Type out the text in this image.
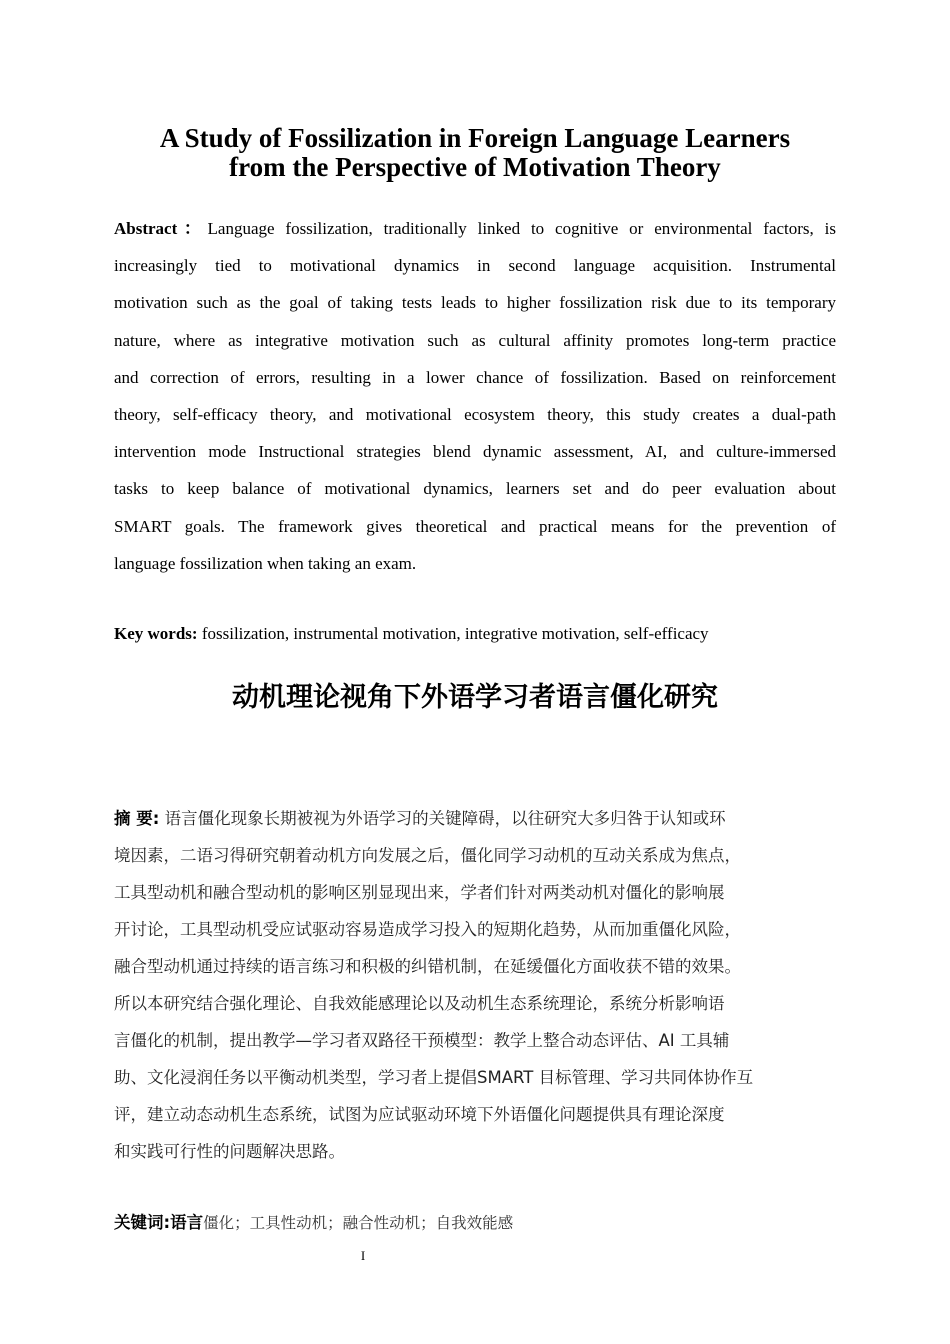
A Study of Fossilization in Foreign Language Learners
from the Perspective of Motivation Theory
Abstract：Language fossilization, traditionally linked to cognitive or environmental factors, is
increasingly tied to motivational dynamics in second language acquisition. Instrumental
motivation such as the goal of taking tests leads to higher fossilization risk due to its temporary
nature, where as integrative motivation such as cultural affinity promotes long-term practice
and correction of errors, resulting in a lower chance of fossilization. Based on reinforcement
theory, self-efficacy theory, and motivational ecosystem theory, this study creates a dual-path
intervention mode Instructional strategies blend dynamic assessment, AI, and culture-immersed
tasks to keep balance of motivational dynamics, learners set and do peer evaluation about
SMART goals. The framework gives theoretical and practical means for the prevention of
language fossilization when taking an exam.
Key words: fossilization, instrumental motivation, integrative motivation, self-efficacy
动机理论视角下外语学习者语言僵化研究
摘 要: 语言僵化现象长期被视为外语学习的关键障碍，以往研究大多归咎于认知或环
境因素，二语习得研究朝着动机方向发展之后，僵化同学习动机的互动关系成为焦点，
工具型动机和融合型动机的影响区别显现出来，学者们针对两类动机对僵化的影响展
开讨论，工具型动机受应试驱动容易造成学习投入的短期化趋势，从而加重僵化风险，
融合型动机通过持续的语言练习和积极的纠错机制，在延缓僵化方面收获不错的效果。
所以本研究结合强化理论、自我效能感理论以及动机生态系统理论，系统分析影响语
言僵化的机制，提出教学—学习者双路径干预模型：教学上整合动态评估、AI 工具辅
助、文化浸润任务以平衡动机类型，学习者上提倡SMART 目标管理、学习共同体协作互
评，建立动态动机生态系统，试图为应试驱动环境下外语僵化问题提供具有理论深度
和实践可行性的问题解决思路。
关键词:语言僵化；工具性动机；融合性动机；自我效能感
I
